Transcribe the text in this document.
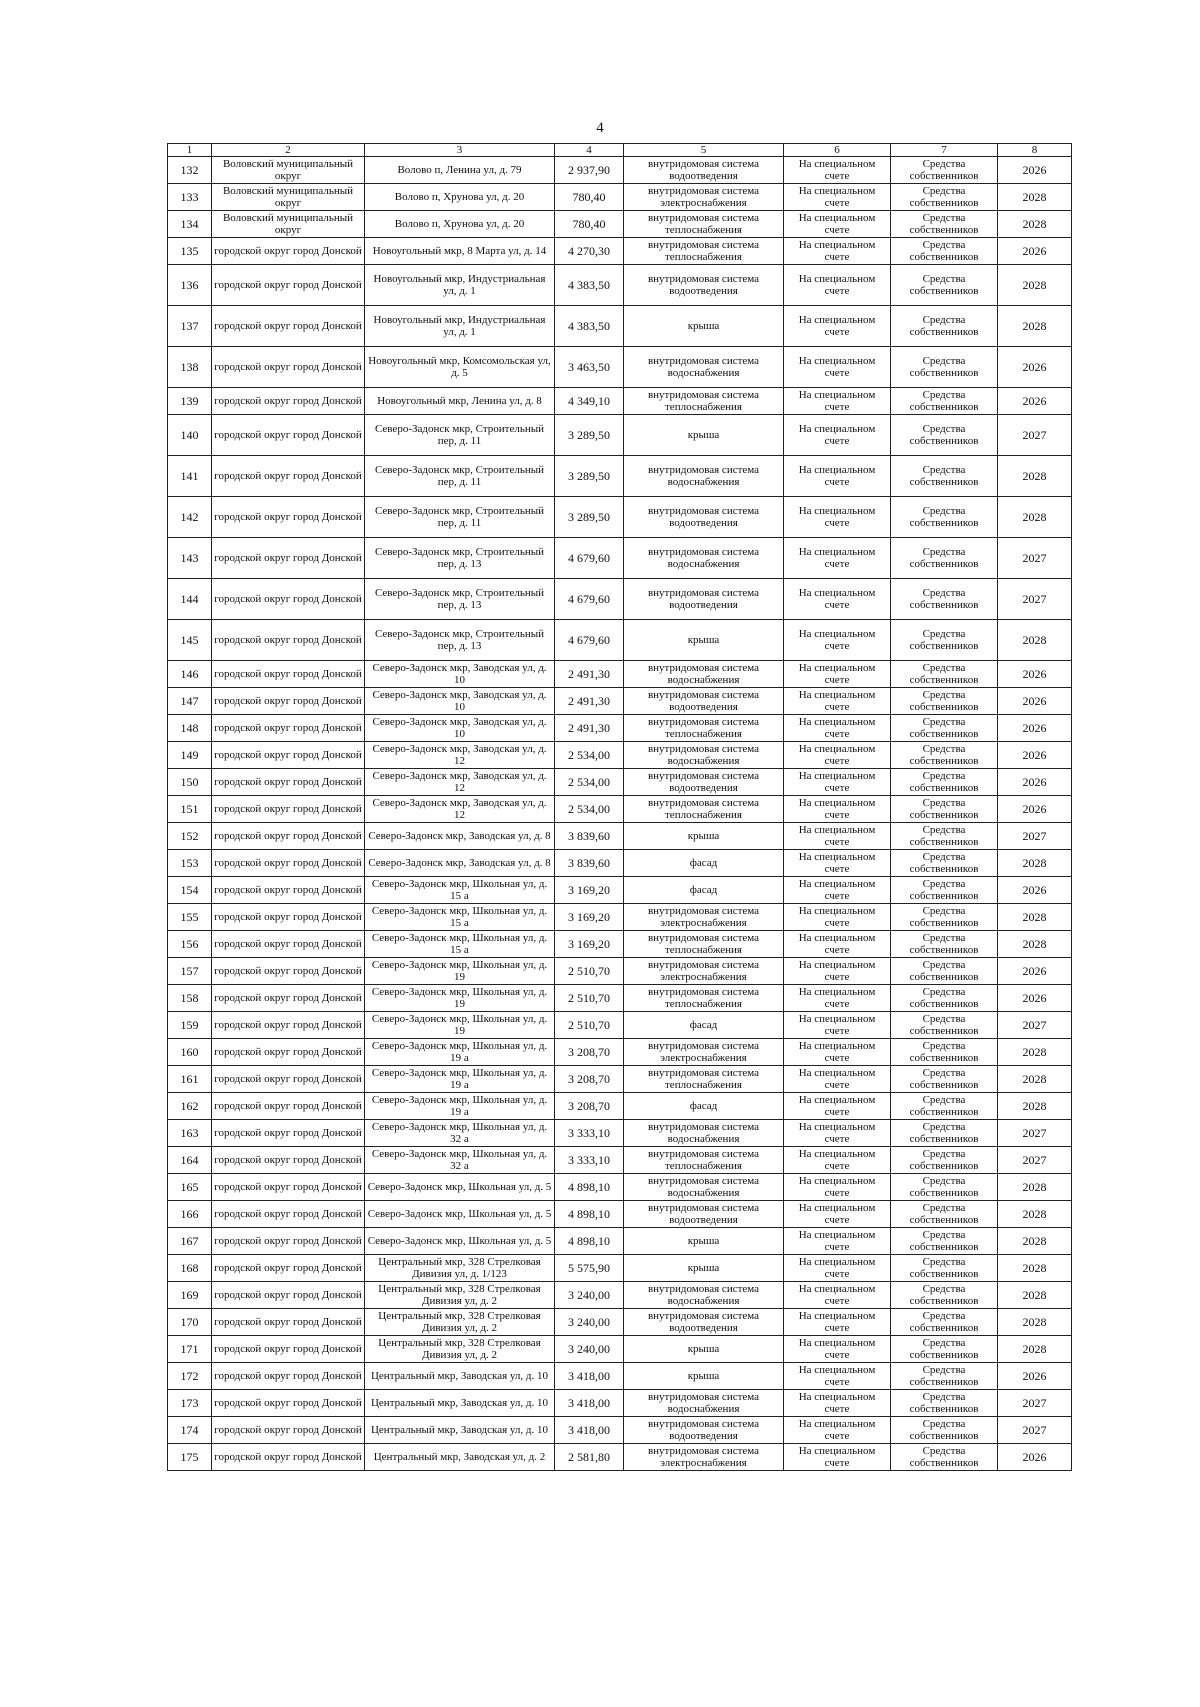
4
1	2	3	4	5	6	7	8
132	Воловский муниципальный округ	Волово п, Ленина ул, д. 79	2 937,90	внутридомовая система водоотведения	На специальном счете	Средства собственников	2026
133	Воловский муниципальный округ	Волово п, Хрунова ул, д. 20	780,40	внутридомовая система электроснабжения	На специальном счете	Средства собственников	2028
134	Воловский муниципальный округ	Волово п, Хрунова ул, д. 20	780,40	внутридомовая система теплоснабжения	На специальном счете	Средства собственников	2028
135	городской округ город Донской	Новоугольный мкр, 8 Марта ул, д. 14	4 270,30	внутридомовая система теплоснабжения	На специальном счете	Средства собственников	2026
136	городской округ город Донской	Новоугольный мкр, Индустриальная ул, д. 1	4 383,50	внутридомовая система водоотведения	На специальном счете	Средства собственников	2028
137	городской округ город Донской	Новоугольный мкр, Индустриальная ул, д. 1	4 383,50	крыша	На специальном счете	Средства собственников	2028
138	городской округ город Донской	Новоугольный мкр, Комсомольская ул, д. 5	3 463,50	внутридомовая система водоснабжения	На специальном счете	Средства собственников	2026
139	городской округ город Донской	Новоугольный мкр, Ленина ул, д. 8	4 349,10	внутридомовая система теплоснабжения	На специальном счете	Средства собственников	2026
140	городской округ город Донской	Северо-Задонск мкр, Строительный пер, д. 11	3 289,50	крыша	На специальном счете	Средства собственников	2027
141	городской округ город Донской	Северо-Задонск мкр, Строительный пер, д. 11	3 289,50	внутридомовая система водоснабжения	На специальном счете	Средства собственников	2028
142	городской округ город Донской	Северо-Задонск мкр, Строительный пер, д. 11	3 289,50	внутридомовая система водоотведения	На специальном счете	Средства собственников	2028
143	городской округ город Донской	Северо-Задонск мкр, Строительный пер, д. 13	4 679,60	внутридомовая система водоснабжения	На специальном счете	Средства собственников	2027
144	городской округ город Донской	Северо-Задонск мкр, Строительный пер, д. 13	4 679,60	внутридомовая система водоотведения	На специальном счете	Средства собственников	2027
145	городской округ город Донской	Северо-Задонск мкр, Строительный пер, д. 13	4 679,60	крыша	На специальном счете	Средства собственников	2028
146	городской округ город Донской	Северо-Задонск мкр, Заводская ул, д. 10	2 491,30	внутридомовая система водоснабжения	На специальном счете	Средства собственников	2026
147	городской округ город Донской	Северо-Задонск мкр, Заводская ул, д. 10	2 491,30	внутридомовая система водоотведения	На специальном счете	Средства собственников	2026
148	городской округ город Донской	Северо-Задонск мкр, Заводская ул, д. 10	2 491,30	внутридомовая система теплоснабжения	На специальном счете	Средства собственников	2026
149	городской округ город Донской	Северо-Задонск мкр, Заводская ул, д. 12	2 534,00	внутридомовая система водоснабжения	На специальном счете	Средства собственников	2026
150	городской округ город Донской	Северо-Задонск мкр, Заводская ул, д. 12	2 534,00	внутридомовая система водоотведения	На специальном счете	Средства собственников	2026
151	городской округ город Донской	Северо-Задонск мкр, Заводская ул, д. 12	2 534,00	внутридомовая система теплоснабжения	На специальном счете	Средства собственников	2026
152	городской округ город Донской	Северо-Задонск мкр, Заводская ул, д. 8	3 839,60	крыша	На специальном счете	Средства собственников	2027
153	городской округ город Донской	Северо-Задонск мкр, Заводская ул, д. 8	3 839,60	фасад	На специальном счете	Средства собственников	2028
154	городской округ город Донской	Северо-Задонск мкр, Школьная ул, д. 15 а	3 169,20	фасад	На специальном счете	Средства собственников	2026
155	городской округ город Донской	Северо-Задонск мкр, Школьная ул, д. 15 а	3 169,20	внутридомовая система электроснабжения	На специальном счете	Средства собственников	2028
156	городской округ город Донской	Северо-Задонск мкр, Школьная ул, д. 15 а	3 169,20	внутридомовая система теплоснабжения	На специальном счете	Средства собственников	2028
157	городской округ город Донской	Северо-Задонск мкр, Школьная ул, д. 19	2 510,70	внутридомовая система электроснабжения	На специальном счете	Средства собственников	2026
158	городской округ город Донской	Северо-Задонск мкр, Школьная ул, д. 19	2 510,70	внутридомовая система теплоснабжения	На специальном счете	Средства собственников	2026
159	городской округ город Донской	Северо-Задонск мкр, Школьная ул, д. 19	2 510,70	фасад	На специальном счете	Средства собственников	2027
160	городской округ город Донской	Северо-Задонск мкр, Школьная ул, д. 19 а	3 208,70	внутридомовая система электроснабжения	На специальном счете	Средства собственников	2028
161	городской округ город Донской	Северо-Задонск мкр, Школьная ул, д. 19 а	3 208,70	внутридомовая система теплоснабжения	На специальном счете	Средства собственников	2028
162	городской округ город Донской	Северо-Задонск мкр, Школьная ул, д. 19 а	3 208,70	фасад	На специальном счете	Средства собственников	2028
163	городской округ город Донской	Северо-Задонск мкр, Школьная ул, д. 32 а	3 333,10	внутридомовая система водоснабжения	На специальном счете	Средства собственников	2027
164	городской округ город Донской	Северо-Задонск мкр, Школьная ул, д. 32 а	3 333,10	внутридомовая система теплоснабжения	На специальном счете	Средства собственников	2027
165	городской округ город Донской	Северо-Задонск мкр, Школьная ул, д. 5	4 898,10	внутридомовая система водоснабжения	На специальном счете	Средства собственников	2028
166	городской округ город Донской	Северо-Задонск мкр, Школьная ул, д. 5	4 898,10	внутридомовая система водоотведения	На специальном счете	Средства собственников	2028
167	городской округ город Донской	Северо-Задонск мкр, Школьная ул, д. 5	4 898,10	крыша	На специальном счете	Средства собственников	2028
168	городской округ город Донской	Центральный мкр, 328 Стрелковая Дивизия ул, д. 1/123	5 575,90	крыша	На специальном счете	Средства собственников	2028
169	городской округ город Донской	Центральный мкр, 328 Стрелковая Дивизия ул, д. 2	3 240,00	внутридомовая система водоснабжения	На специальном счете	Средства собственников	2028
170	городской округ город Донской	Центральный мкр, 328 Стрелковая Дивизия ул, д. 2	3 240,00	внутридомовая система водоотведения	На специальном счете	Средства собственников	2028
171	городской округ город Донской	Центральный мкр, 328 Стрелковая Дивизия ул, д. 2	3 240,00	крыша	На специальном счете	Средства собственников	2028
172	городской округ город Донской	Центральный мкр, Заводская ул, д. 10	3 418,00	крыша	На специальном счете	Средства собственников	2026
173	городской округ город Донской	Центральный мкр, Заводская ул, д. 10	3 418,00	внутридомовая система водоснабжения	На специальном счете	Средства собственников	2027
174	городской округ город Донской	Центральный мкр, Заводская ул, д. 10	3 418,00	внутридомовая система водоотведения	На специальном счете	Средства собственников	2027
175	городской округ город Донской	Центральный мкр, Заводская ул, д. 2	2 581,80	внутридомовая система электроснабжения	На специальном счете	Средства собственников	2026
